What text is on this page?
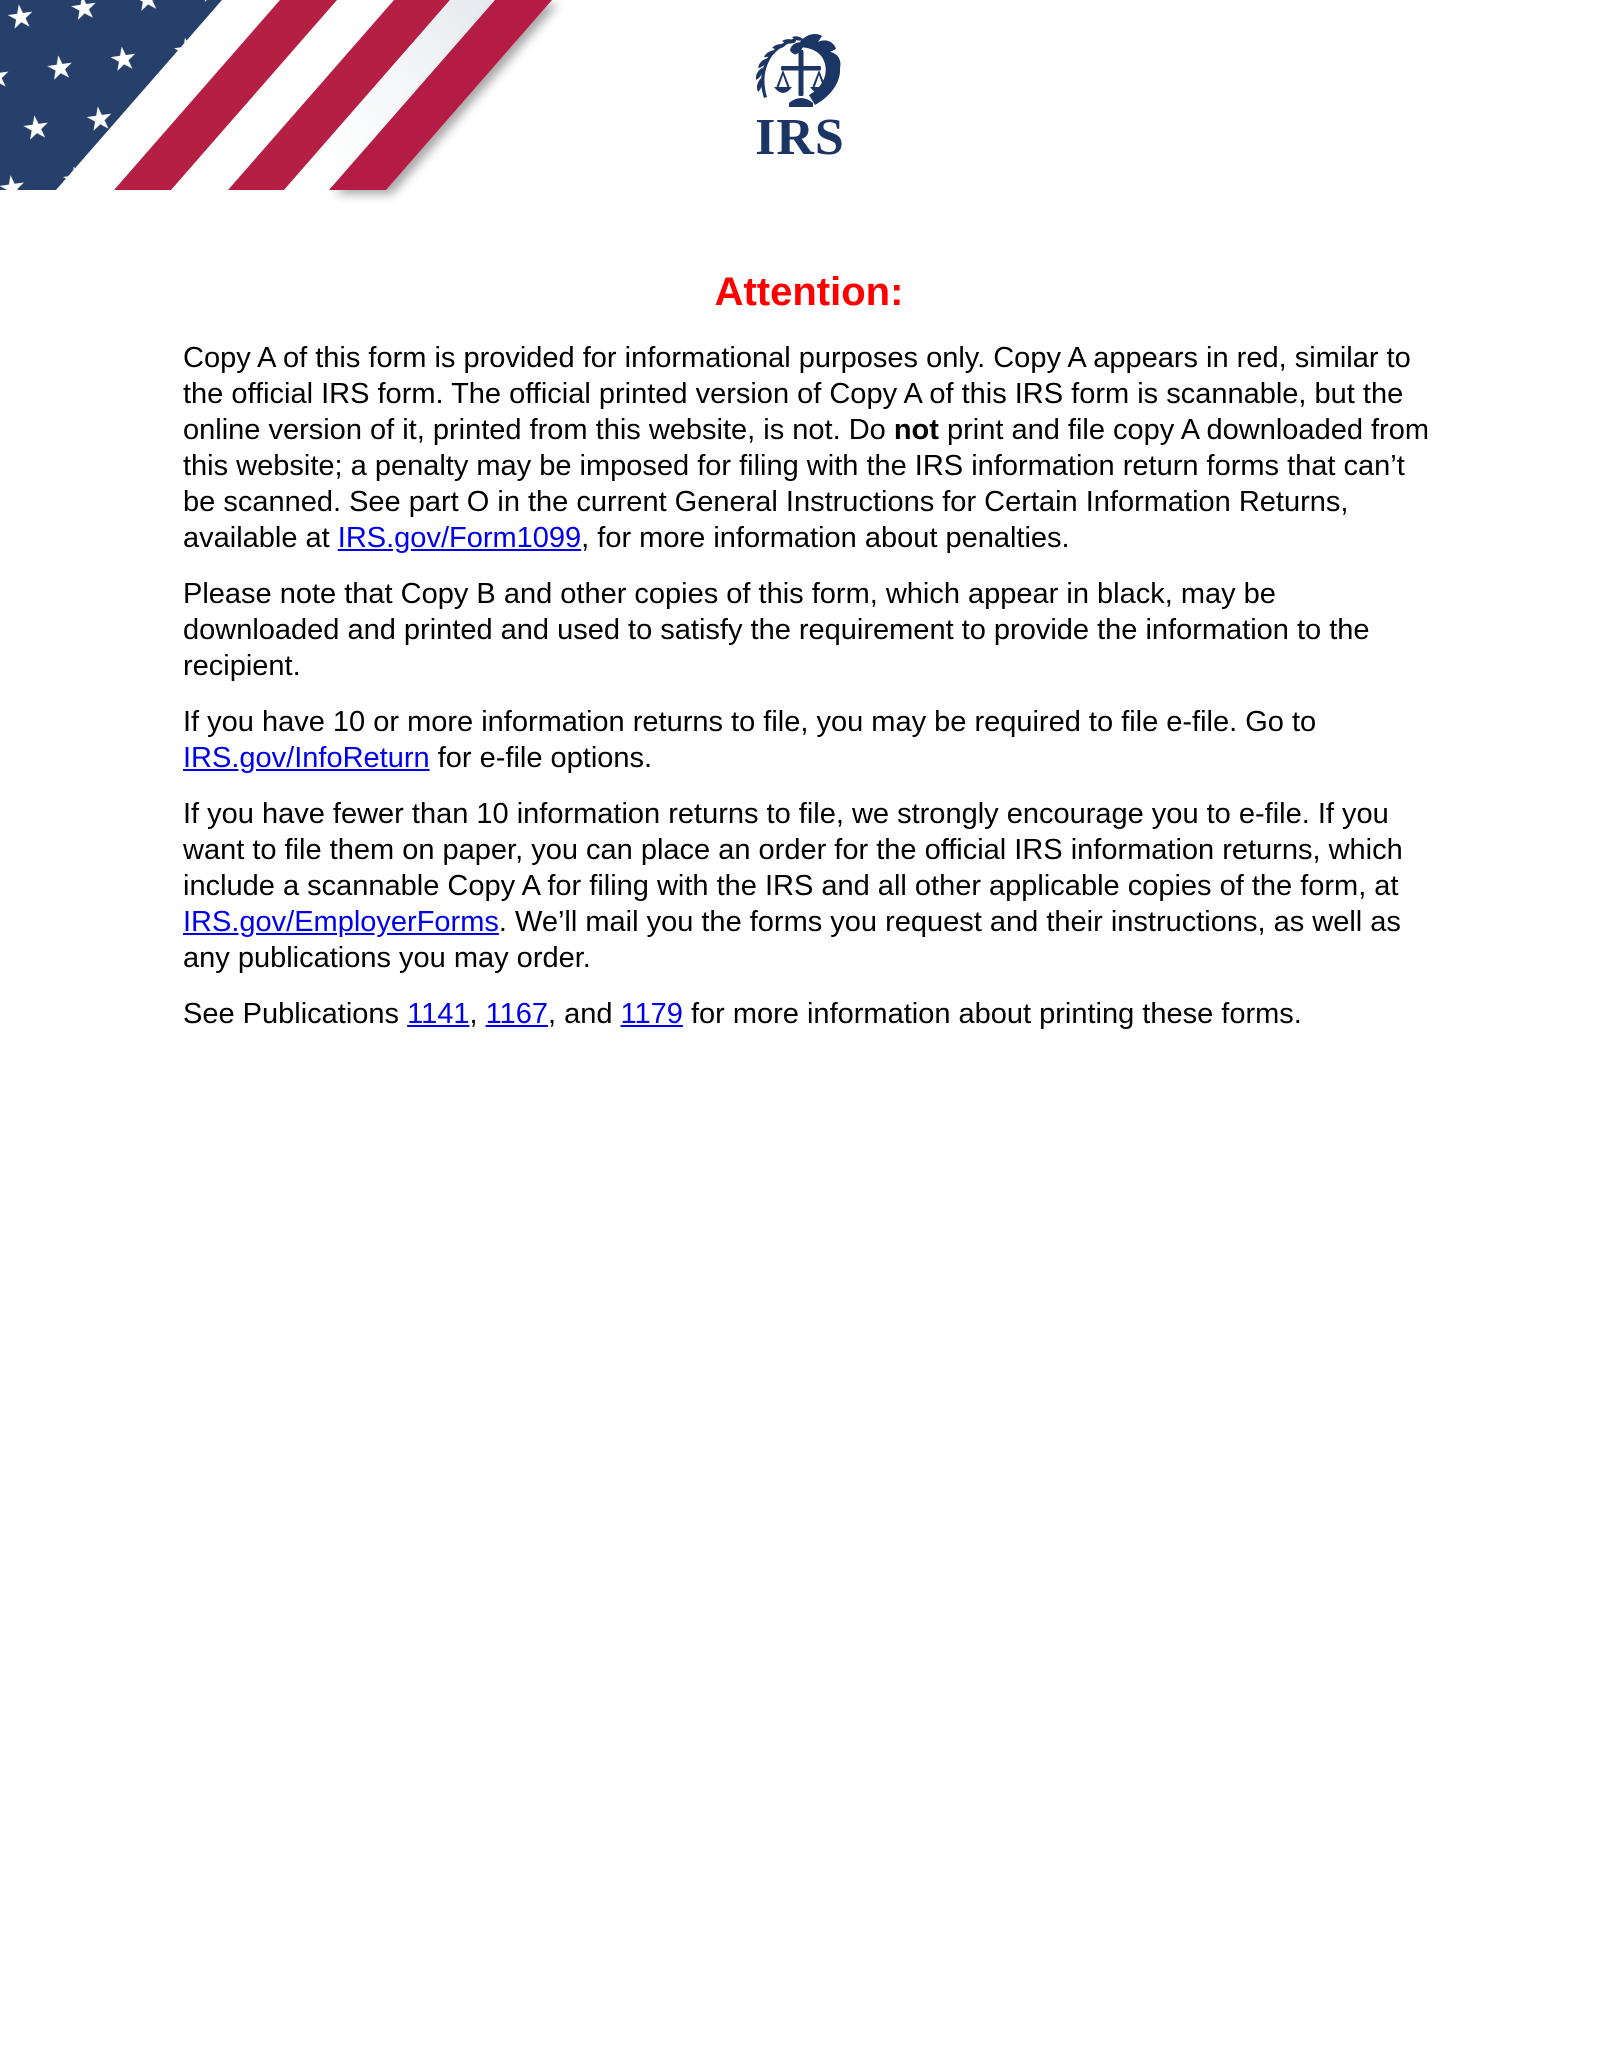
IRS
Attention:

Copy A of this form is provided for informational purposes only. Copy A appears in red, similar to the official IRS form. The official printed version of Copy A of this IRS form is scannable, but the online version of it, printed from this website, is not. Do not print and file copy A downloaded from this website; a penalty may be imposed for filing with the IRS information return forms that can’t be scanned. See part O in the current General Instructions for Certain Information Returns, available at IRS.gov/Form1099, for more information about penalties.

Please note that Copy B and other copies of this form, which appear in black, may be downloaded and printed and used to satisfy the requirement to provide the information to the recipient.

If you have 10 or more information returns to file, you may be required to file e-file. Go to IRS.gov/InfoReturn for e-file options.

If you have fewer than 10 information returns to file, we strongly encourage you to e-file. If you want to file them on paper, you can place an order for the official IRS information returns, which include a scannable Copy A for filing with the IRS and all other applicable copies of the form, at IRS.gov/EmployerForms. We’ll mail you the forms you request and their instructions, as well as any publications you may order.

See Publications 1141, 1167, and 1179 for more information about printing these forms.
